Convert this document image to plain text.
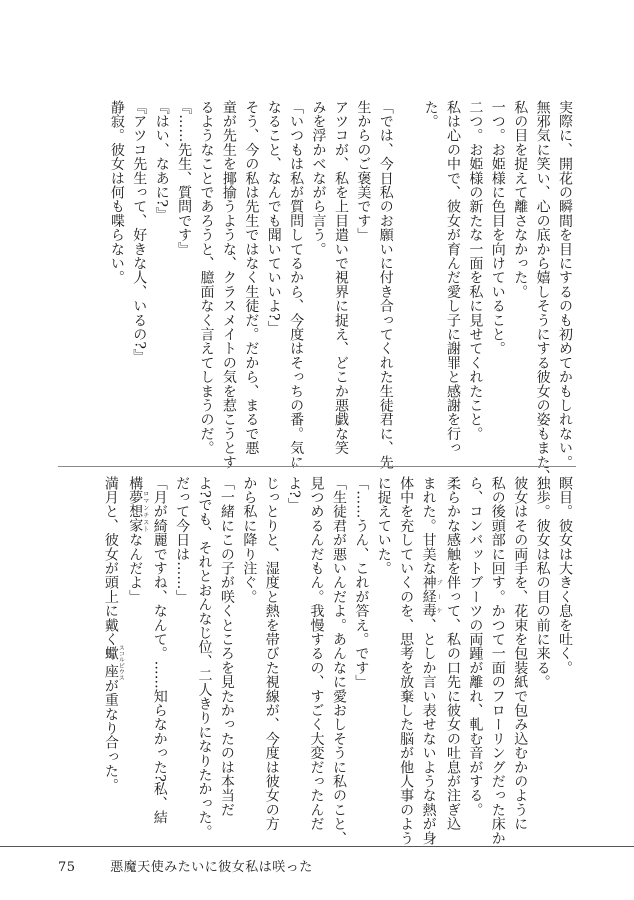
実際に、開花の瞬間を目にするのも初めてかもしれない。

無邪気に笑い、心の底から嬉しそうにする彼女の姿もまた、

私の目を捉えて離さなかった。

一つ。お姫様に色目を向けていること。

二つ。お姫様の新たな一面を私に見せてくれたこと。

私は心の中で、彼女が育んだ愛し子に謝罪と感謝を行っ

た。

「では、今日私のお願いに付き合ってくれた生徒君に、先

生からのご褒美です」

アツコが、私を上目遣いで視界に捉え、どこか悪戯な笑

みを浮かべながら言う。

「いつもは私が質問してるから、今度はそっちの番。気に

なること、なんでも聞いていいよ?」

そう、今の私は先生ではなく生徒だ。だから、まるで悪

童が先生を揶揄うような、クラスメイトの気を惹こうとす

るようなことであろうと、臆面なく言えてしまうのだ。

『……先生、質問です』

『はい、なあに?』

『アツコ先生って、好きな人、いるの?』

静寂。彼女は何も喋らない。

瞑目。彼女は大きく息を吐く。

独歩。彼女は私の目の前に来る。

彼女はその両手を、花束を包装紙で包み込むかのように

私の後頭部に回す。かつて一面のフローリングだった床か

ら、コンバットブーツの両踵が離れ、軋む音がする。

柔らかな感触を伴って、私の口先に彼女の吐息が注ぎ込

まれた。甘美な神経毒ブーケ、としか言い表せないような熱が身

体中を充していくのを、思考を放棄した脳が他人事のよう

に捉えていた。

「……うん、これが答え。です」

「生徒君が悪いんだよ。あんなに愛おしそうに私のこと、

見つめるんだもん。我慢するの、すごく大変だったんだ

よ?」

じっとりと、湿度と熱を帯びた視線が、今度は彼女の方

から私に降り注ぐ。

「一緒にこの子が咲くところを見たかったのは本当だ

よ?でも、それとおんなじ位、二人きりになりたかった。

だって今日は……」

「月が綺麗ですね、なんて。……知らなかった?私、結

構夢想家ロマンチストなんだよ」

満月と、彼女が頭上に戴く蠍座スコルピウスが重なり合った。

75	悪魔天使みたいに彼女私は咲った
